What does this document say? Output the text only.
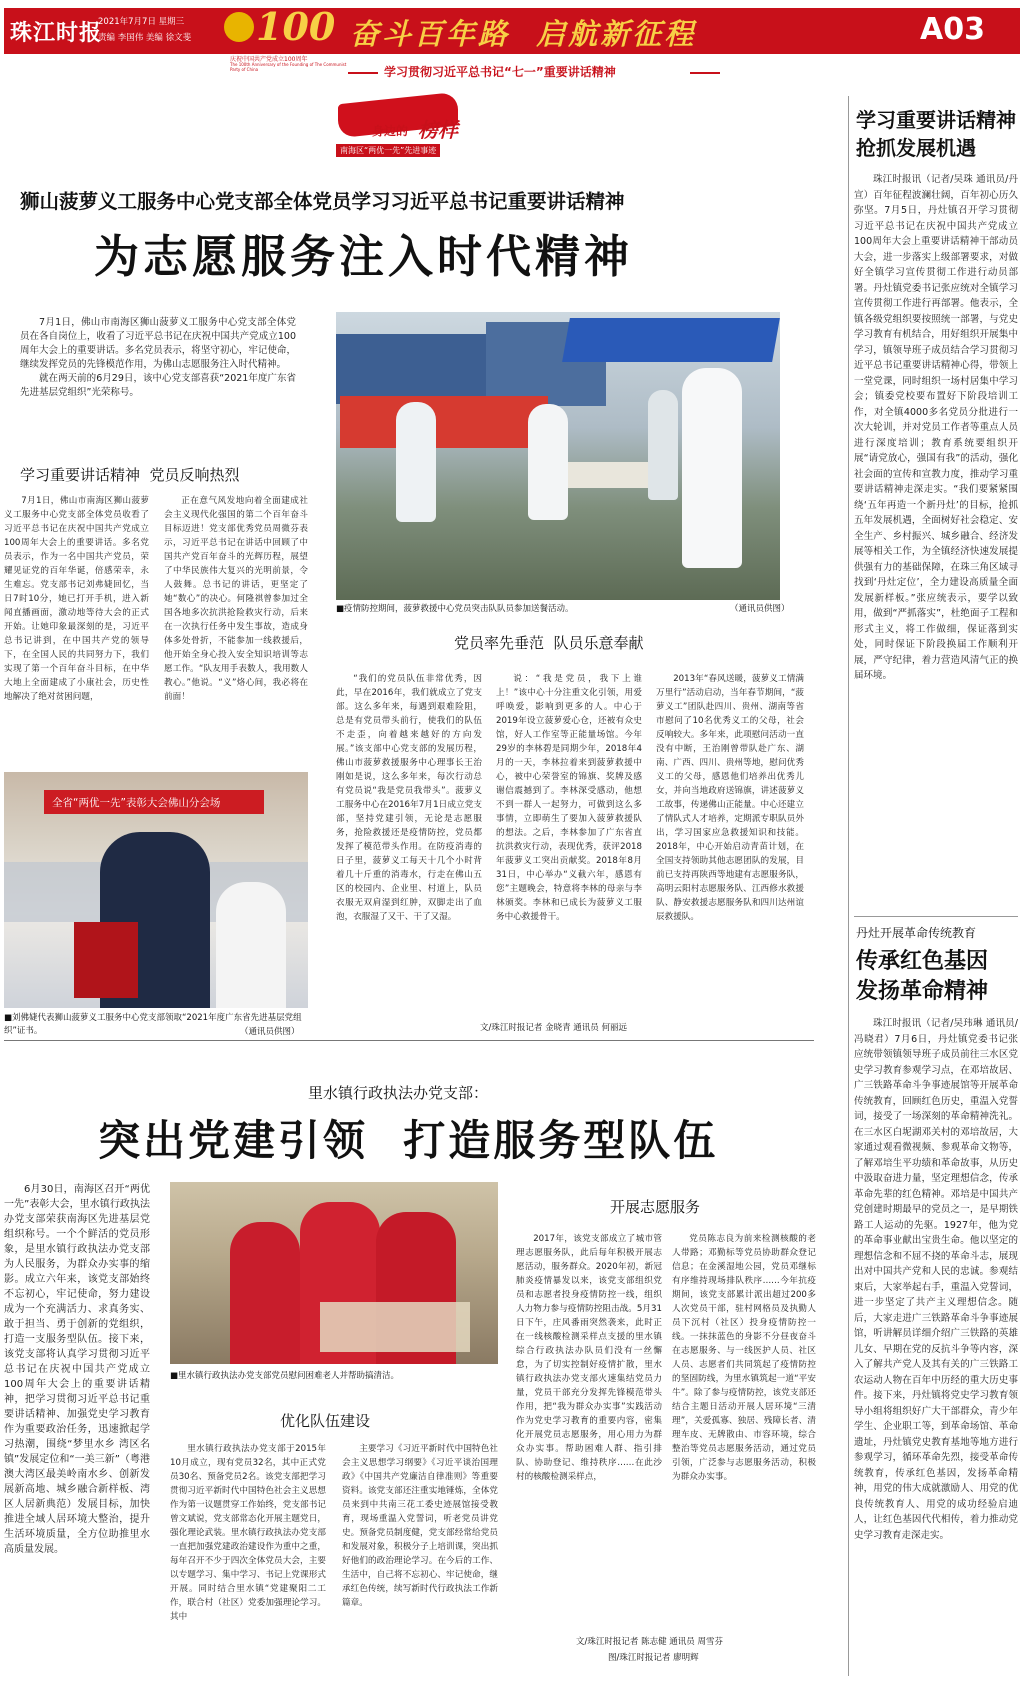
珠江时报
2021年7月7日 星期三
责编 李国伟 美编 徐文斐 100
庆祝中国共产党成立100周年
The 100th Anniversary of the Founding of The Communist Party of China
奋斗百年路  启航新征程	A03
学习贯彻习近平总书记“七一”重要讲话精神
身边的 榜样
南海区“两优一先”先进事迹
狮山菠萝义工服务中心党支部全体党员学习习近平总书记重要讲话精神
为志愿服务注入时代精神

7月1日，佛山市南海区狮山菠萝义工服务中心党支部全体党员在各自岗位上，收看了习近平总书记在庆祝中国共产党成立100周年大会上的重要讲话。多名党员表示，将坚守初心，牢记使命，继续发挥党员的先锋模范作用，为佛山志愿服务注入时代精神。

就在两天前的6月29日，该中心党支部喜获“2021年度广东省先进基层党组织”光荣称号。

■疫情防控期间，菠萝救援中心党员突击队队员参加送餐活动。	（通讯员供图）
学习重要讲话精神  党员反响热烈

7月1日，佛山市南海区狮山菠萝义工服务中心党支部全体党员收看了习近平总书记在庆祝中国共产党成立100周年大会上的重要讲话。多名党员表示，作为一名中国共产党员，荣耀见证党的百年华诞，倍感荣幸，永生难忘。党支部书记刘弗婕回忆，当日7时10分，她已打开手机，进入新闻直播画面，激动地等待大会的正式开始。让她印象最深刻的是，习近平总书记讲到，在中国共产党的领导下，在全国人民的共同努力下，我们实现了第一个百年奋斗目标，在中华大地上全面建成了小康社会，历史性地解决了绝对贫困问题，

正在意气风发地向着全面建成社会主义现代化强国的第二个百年奋斗目标迈进！党支部优秀党员周微芬表示，习近平总书记在讲话中回顾了中国共产党百年奋斗的光辉历程，展望了中华民族伟大复兴的光明前景，令人鼓舞。总书记的讲话，更坚定了她“数心”的决心。何隆祺曾参加过全国各地多次抗洪抢险救灾行动，后来在一次执行任务中发生事故，造成身体多处骨折，不能参加一线救援后，他开始全身心投入安全知识培训等志愿工作。“队友用手表数人，我用数人教心。”他说。“义”烙心间，我必将在前面！

全省“两优一先”表彰大会佛山分会场
■刘佛婕代表狮山菠萝义工服务中心党支部领取“2021年度广东省先进基层党组织”证书。	（通讯员供图）
党员率先垂范  队员乐意奉献

“我们的党员队伍非常优秀，因此，早在2016年，我们就成立了党支部。这么多年来，每遇到艰难险阻，总是有党员带头前行，使我们的队伍不走歪，向着越来越好的方向发展。”该支部中心党支部的发展历程，佛山市菠萝救援服务中心理事长王治刚如是说，这么多年来，每次行动总有党员说“我是党员我带头”。菠萝义工服务中心在2016年7月1日成立党支部，坚持党建引领，无论是志愿服务，抢险救援还是疫情防控，党员都发挥了模范带头作用。在防疫消毒的日子里，菠萝义工每天十几个小时背着几十斤重的消毒水，行走在佛山五区的校园内、企业里、村道上，队员衣服无双肩湿到红肿，双脚走出了血泡，衣服湿了又干、干了又湿。

说：“我是党员，我下上谁上！”该中心十分注重文化引领，用爱呼唤爱，影响到更多的人。中心于2019年设立菠萝爱心仓，还被有众史馆，好人工作室等正能量场馆。今年29岁的李林碧是同期少年，2018年4月的一天，李林拉着来到菠萝救援中心，被中心荣誉室的锦旗、奖牌及感谢信震撼到了。李林深受感动，他想不到一群人一起努力，可做到这么多事情，立即萌生了要加入菠萝救援队的想法。之后，李林参加了广东省直抗洪救灾行动，表现优秀，获评2018年菠萝义工突出贡献奖。2018年8月31日，中心举办“义截六年，感恩有您”主题晚会，特意将李林的母亲与李林颁奖。李林和已成长为菠萝义工服务中心救援骨干。

2013年“春风送暖，菠萝义工情满万里行”活动启动，当年春节期间，“菠萝义工”团队赴四川、贵州、湖南等省市慰问了10名优秀义工的父母，社会反响较大。多年来，此项慰问活动一直没有中断，王治刚曾带队赴广东、湖南、广西、四川、贵州等地，慰问优秀义工的父母，感恩他们培养出优秀儿女，并向当地政府送锦旗，讲述菠萝义工故事，传递佛山正能量。中心还建立了情队式人才培养，定期派专职队员外出，学习国家应急救援知识和技能。2018年，中心开始启动青苗计划，在全国支持领助其他志愿团队的发展，目前已支持再陕西等地建有志愿服务队，高明云阳村志愿服务队、江西修水救援队、静安救援志愿服务队和四川达州谊辰救援队。

文/珠江时报记者 金晓青 通讯员 何丽远
里水镇行政执法办党支部：
突出党建引领  打造服务型队伍

6月30日，南海区召开“两优一先”表彰大会，里水镇行政执法办党支部荣获南海区先进基层党组织称号。一个个鲜活的党员形象，是里水镇行政执法办党支部为人民服务，为群众办实事的缩影。成立六年来，该党支部始终不忘初心，牢记使命，努力建设成为一个充满活力、求真务实、敢于担当、勇于创新的党组织，打造一支服务型队伍。接下来，该党支部将认真学习贯彻习近平总书记在庆祝中国共产党成立100周年大会上的重要讲话精神，把学习贯彻习近平总书记重要讲话精神、加强党史学习教育作为重要政治任务，迅速掀起学习热潮，围绕“梦里水乡 湾区名镇”发展定位和“一美三新”（粤港澳大湾区最美岭南水乡、创新发展新高地、城乡融合新样板、湾区人居新典范）发展目标，加快推进全域人居环境大整治，提升生活环境质量，全方位助推里水高质量发展。

■里水镇行政执法办党支部党员慰问困难老人并帮助搞清洁。
优化队伍建设

里水镇行政执法办党支部于2015年10月成立，现有党员32名，其中正式党员30名、预备党员2名。该党支部把学习贯彻习近平新时代中国特色社会主义思想作为第一议题贯穿工作始终，党支部书记曾文斌说，党支部常态化开展主题党日，强化理论武装。里水镇行政执法办党支部一直把加强党建政治建设作为重中之重，每年召开不少于四次全体党员大会，主要以专题学习、集中学习、书记上党课形式开展。同时结合里水镇“党建聚阳二工作，联合村（社区）党委加强理论学习。其中

主要学习《习近平新时代中国特色社会主义思想学习纲要》《习近平谈治国理政》《中国共产党廉洁自律准则》等重要资料。该党支部还注重实地锤炼，全体党员来到中共南三花工委史迹展馆接受教育，现场重温入党誓词，听老党员讲党史。预备党员制度健，党支部经常给党员和发展对象，积极分子上培训课，突出抓好他们的政治理论学习。在今后的工作、生活中，自己将不忘初心、牢记使命，继承红色传统，续写新时代行政执法工作新篇章。

开展志愿服务

2017年，该党支部成立了城市管理志愿服务队，此后每年积极开展志愿活动，服务群众。2020年初，新冠肺炎疫情暴发以来，该党支部组织党员和志愿者投身疫情防控一线，组织人力物力参与疫情防控阻击战。5月31日下午，庄风番雨突然袭来，此时正在一线核酸检测采样点支援的里水镇综合行政执法办队员们没有一丝懈怠，为了切实控制好疫情扩散，里水镇行政执法办党支部火速集结党员力量，党员干部充分发挥先锋模范带头作用，把“我为群众办实事”实践活动作为党史学习教育的重要内容，密集化开展党员志愿服务，用心用力为群众办实事。帮助困难人群、指引排队、协助登记、维持秩序……在此沙村的核酸检测采样点，

党员陈志良为前来检测核酸的老人带路；邓勤标等党员协助群众登记信息；在金溪湿地公园，党员邓继标有序维持现场排队秩序……今年抗疫期间，该党支部累计派出超过200多人次党员干部，驻村网格员及执勤人员下沉村（社区）投身疫情防控一线。一抹抹蓝色的身影不分昼夜奋斗在志愿服务、与一线医护人员、社区人员、志愿者们共同筑起了疫情防控的坚固防线，为里水镇筑起一道“平安牛”。除了参与疫情防控，该党支部还结合主题日活动开展人居环境“三清理”，关爱孤寡、独居、残障长者、清理车皮、无牌散由、市容环境，综合整治等党员志愿服务活动，通过党员引领，广泛参与志愿服务活动，积极为群众办实事。

文/珠江时报记者 陈志健 通讯员 周雪芬
图/珠江时报记者 廖明辉
学习重要讲话精神
抢抓发展机遇

珠江时报讯（记者/吴珠 通讯员/丹宣）百年征程波澜壮阔，百年初心历久弥坚。7月5日，丹灶镇召开学习贯彻习近平总书记在庆祝中国共产党成立100周年大会上重要讲话精神干部动员大会，进一步落实上级部署要求，对做好全镇学习宣传贯彻工作进行动员部署。丹灶镇党委书记张应统对全镇学习宣传贯彻工作进行再部署。他表示，全镇各级党组织要按照统一部署，与党史学习教育有机结合，用好组织开展集中学习，镇领导班子成员结合学习贯彻习近平总书记重要讲话精神心得，带领上一堂党课，同时组织一场村居集中学习会；镇委党校要布置好下阶段培训工作，对全镇4000多名党员分批进行一次大轮训，并对党员工作者等重点人员进行深度培训；教育系统要组织开展“请党放心，强国有我”的活动，强化社会面的宣传和宣教力度，推动学习重要讲话精神走深走实。“我们要紧紧围绕‘五年再造一个新丹灶’的目标，抢抓五年发展机遇，全面树好社会稳定、安全生产、乡村振兴、城乡融合、经济发展等相关工作，为全镇经济快速发展提供强有力的基础保障，在珠三角区域寻找到‘丹灶定位’，全力建设高质量全面发展新样板。”张应统表示，要学以致用，做到“严抓落实”，杜绝面子工程和形式主义，将工作做细，保证落到实处，同时保证下阶段换届工作顺利开展，严守纪律，着力营造风清气正的换届环境。

丹灶开展革命传统教育
传承红色基因
发扬革命精神

珠江时报讯（记者/吴玮琳 通讯员/冯晓君）7月6日，丹灶镇党委书记张应统带领镇领导班子成员前往三水区党史学习教育参观学习点，在邓培故居、广三铁路革命斗争事迹展馆等开展革命传统教育，回顾红色历史，重温入党誓词，接受了一场深刻的革命精神洗礼。在三水区白坭湖邓关村的邓培故居，大家通过观看微视频、参观革命文物等，了解邓培生平功绩和革命故事，从历史中汲取奋进力量，坚定理想信念，传承革命先辈的红色精神。邓培是中国共产党创建时期最早的党员之一，是早期铁路工人运动的先驱。1927年，他为党的革命事业献出宝贵生命。他以坚定的理想信念和不屈不挠的革命斗志，展现出对中国共产党和人民的忠诚。参观结束后，大家举起右手，重温入党誓词，进一步坚定了共产主义理想信念。随后，大家走进广三铁路革命斗争事迹展馆，听讲解员详细介绍广三铁路的英雄儿女、早期在党的反抗斗争等内容，深入了解共产党人及其有关的广三铁路工农运动人物在百年中历经的重大历史事件。接下来，丹灶镇将党史学习教育领导小组将组织好广大干部群众，青少年学生、企业职工等，到革命场馆、革命遗址，丹灶镇党史教育基地等地方进行参观学习，循环革命先烈，接受革命传统教育，传承红色基因，发扬革命精神，用党的伟大成就激励人、用党的优良传统教育人、用党的成功经验启迪人，让红色基因代代相传，着力推动党史学习教育走深走实。
